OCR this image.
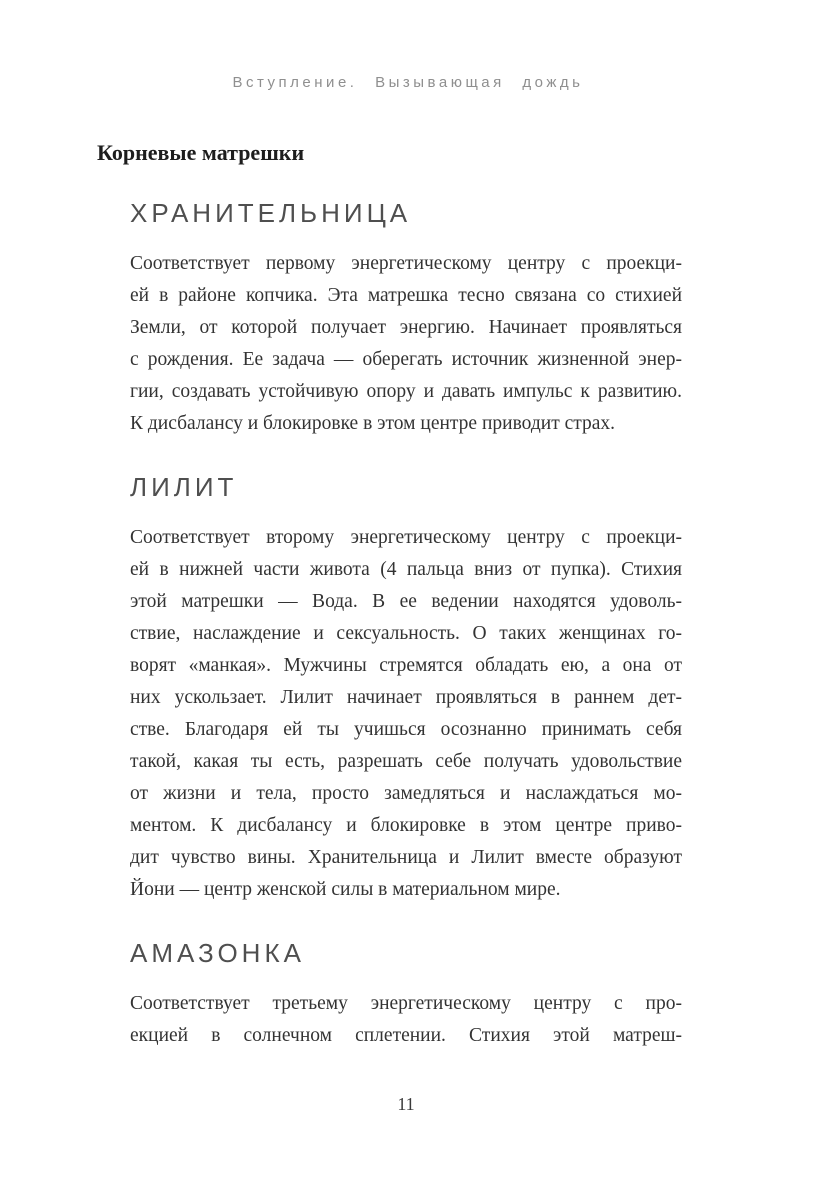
Вступление. Вызывающая дождь
Корневые матрешки
ХРАНИТЕЛЬНИЦА
Соответствует первому энергетическому центру с проекци-
ей в районе копчика. Эта матрешка тесно связана со стихией
Земли, от которой получает энергию. Начинает проявляться
с рождения. Ее задача — оберегать источник жизненной энер-
гии, создавать устойчивую опору и давать импульс к развитию.
К дисбалансу и блокировке в этом центре приводит страх.
ЛИЛИТ
Соответствует второму энергетическому центру с проекци-
ей в нижней части живота (4 пальца вниз от пупка). Стихия
этой матрешки — Вода. В ее ведении находятся удоволь-
ствие, наслаждение и сексуальность. О таких женщинах го-
ворят «манкая». Мужчины стремятся обладать ею, а она от
них ускользает. Лилит начинает проявляться в раннем дет-
стве. Благодаря ей ты учишься осознанно принимать себя
такой, какая ты есть, разрешать себе получать удовольствие
от жизни и тела, просто замедляться и наслаждаться мо-
ментом. К дисбалансу и блокировке в этом центре приво-
дит чувство вины. Хранительница и Лилит вместе образуют
Йони — центр женской силы в материальном мире.
АМАЗОНКА
Соответствует третьему энергетическому центру с про-
екцией в солнечном сплетении. Стихия этой матреш-
11
